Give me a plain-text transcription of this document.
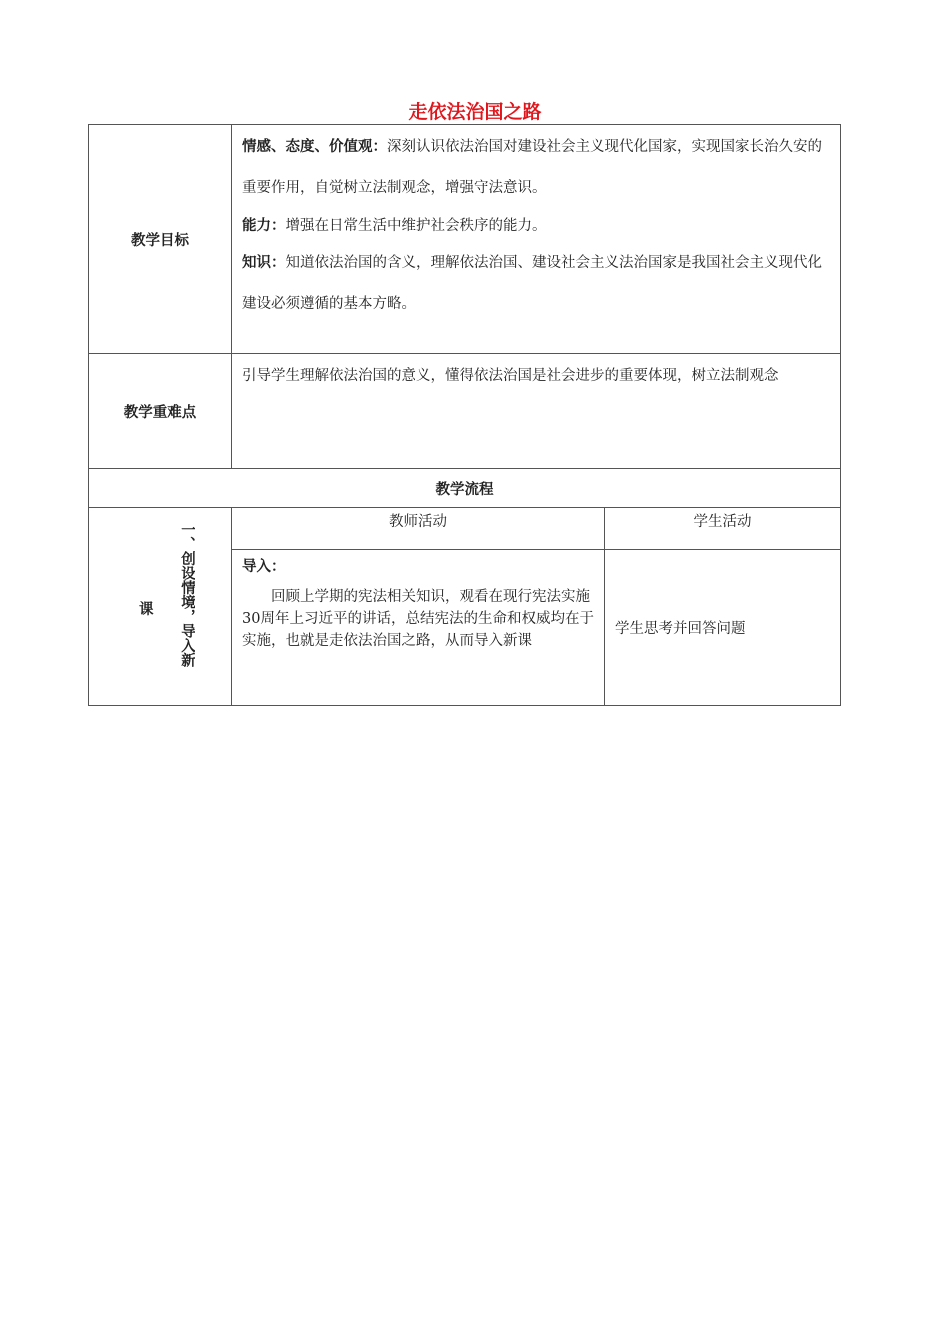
走依法治国之路
教学目标	情感、态度、价值观：深刻认识依法治国对建设社会主义现代化国家，实现国家长治久安的重要作用，自觉树立法制观念，增强守法意识。

能力：增强在日常生活中维护社会秩序的能力。

知识：知道依法治国的含义，理解依法治国、建设社会主义法治国家是我国社会主义现代化建设必须遵循的基本方略。	

教学重难点	引导学生理解依法治国的意义，懂得依法治国是社会进步的重要体现，树立法制观念	

教学流程		

课 一、创设情境，导入新	教师活动	学生活动

	导入：
回顾上学期的宪法相关知识，观看在现行宪法实施30周年上习近平的讲话，总结宪法的生命和权威均在于实施，也就是走依法治国之路，从而导入新课	学生思考并回答问题
